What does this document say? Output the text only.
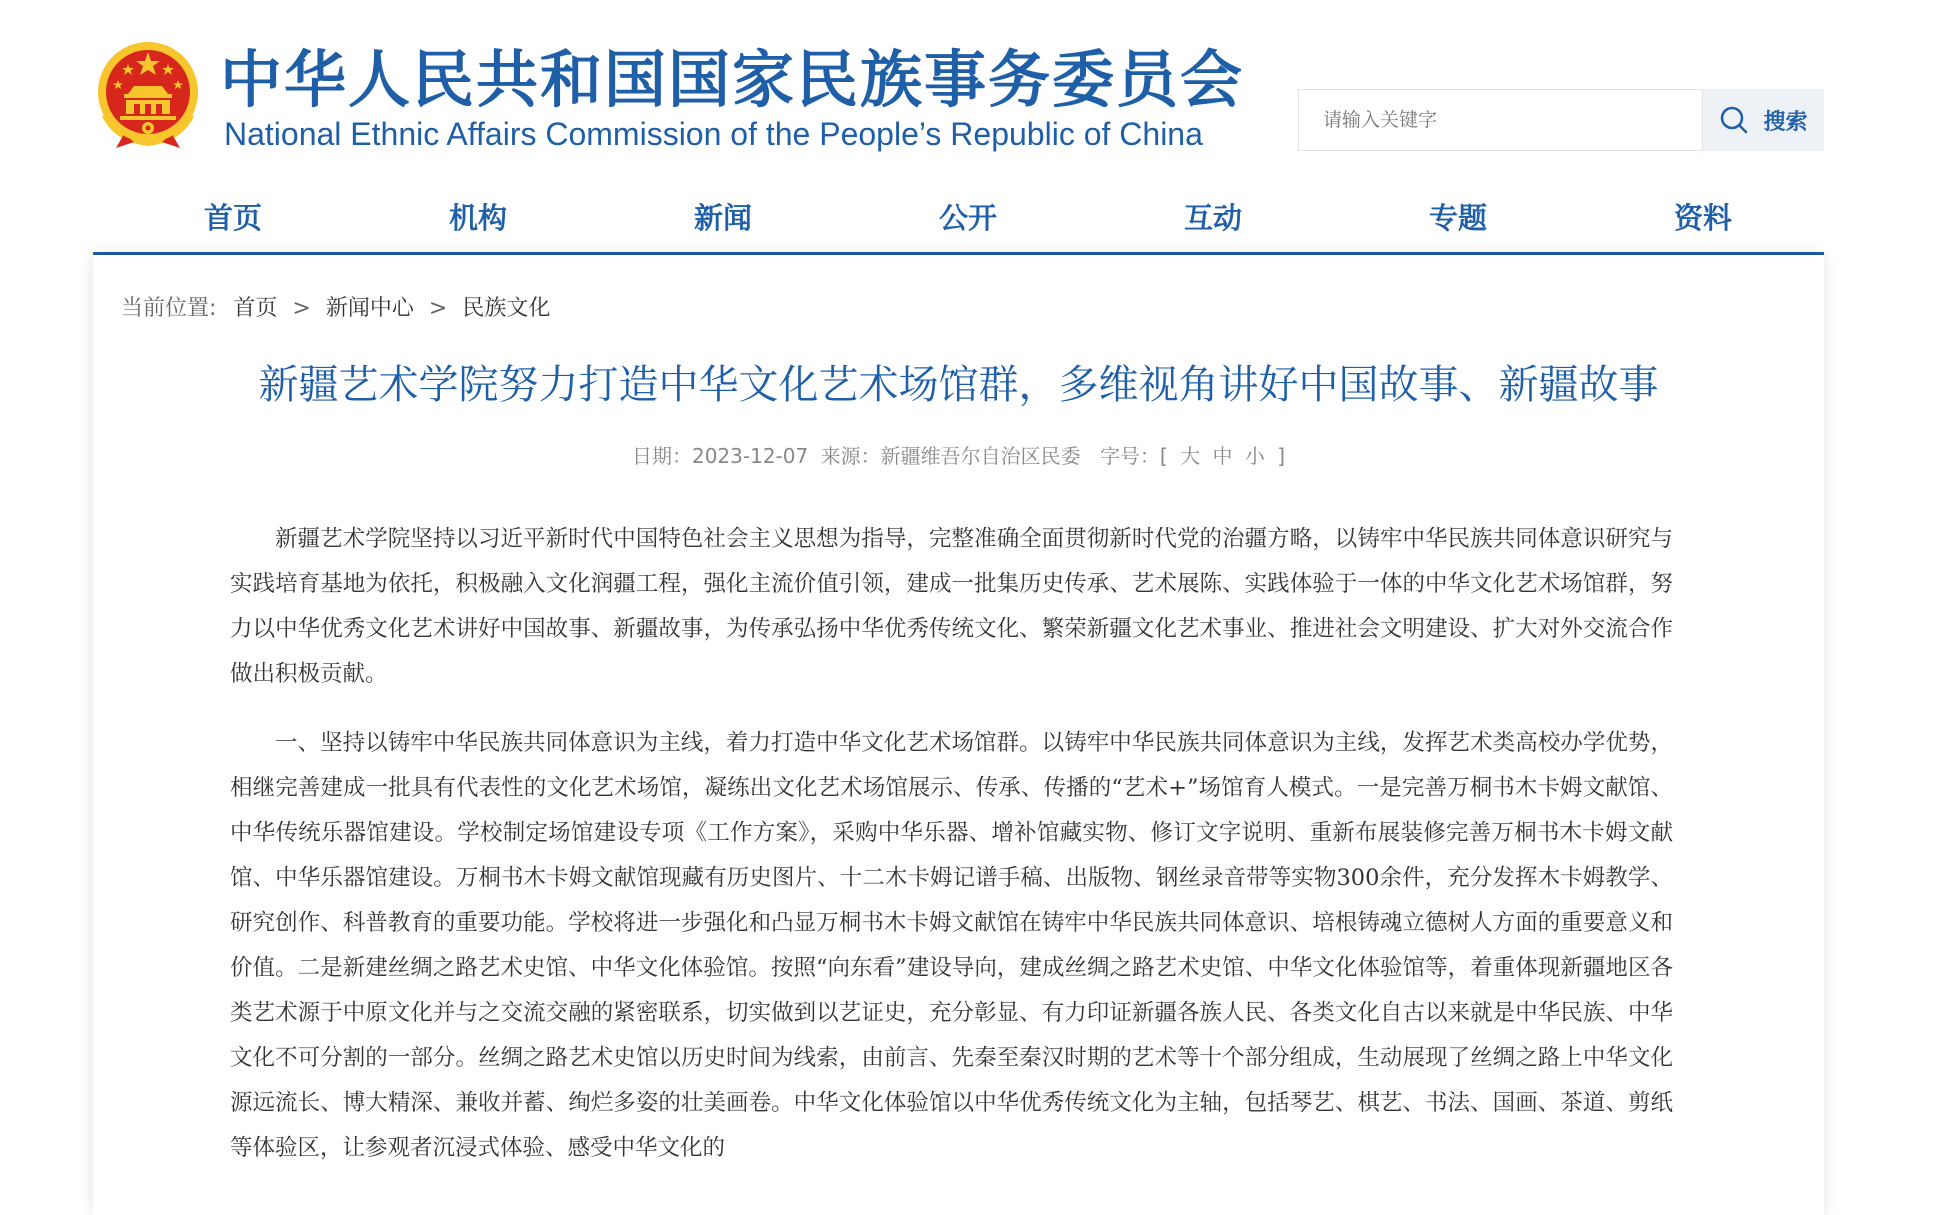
中华人民共和国国家民族事务委员会
National Ethnic Affairs Commission of the People’s Republic of China
请输入关键字	搜索
首页	机构	新闻	公开	互动	专题	资料
当前位置: 首页 > 新闻中心 > 民族文化
新疆艺术学院努力打造中华文化艺术场馆群，多维视角讲好中国故事、新疆故事
日期：2023-12-07 来源：新疆维吾尔自治区民委 字号：[ 大 中 小 ]

新疆艺术学院坚持以习近平新时代中国特色社会主义思想为指导，完整准确全面贯彻新时代党的治疆方略，以铸牢中华民族共同体意识研究与实践培育基地为依托，积极融入文化润疆工程，强化主流价值引领，建成一批集历史传承、艺术展陈、实践体验于一体的中华文化艺术场馆群，努力以中华优秀文化艺术讲好中国故事、新疆故事，为传承弘扬中华优秀传统文化、繁荣新疆文化艺术事业、推进社会文明建设、扩大对外交流合作做出积极贡献。

一、坚持以铸牢中华民族共同体意识为主线，着力打造中华文化艺术场馆群。以铸牢中华民族共同体意识为主线，发挥艺术类高校办学优势，相继完善建成一批具有代表性的文化艺术场馆，凝练出文化艺术场馆展示、传承、传播的“艺术+”场馆育人模式。一是完善万桐书木卡姆文献馆、中华传统乐器馆建设。学校制定场馆建设专项《工作方案》，采购中华乐器、增补馆藏实物、修订文字说明、重新布展装修完善万桐书木卡姆文献馆、中华乐器馆建设。万桐书木卡姆文献馆现藏有历史图片、十二木卡姆记谱手稿、出版物、钢丝录音带等实物300余件，充分发挥木卡姆教学、研究创作、科普教育的重要功能。学校将进一步强化和凸显万桐书木卡姆文献馆在铸牢中华民族共同体意识、培根铸魂立德树人方面的重要意义和价值。二是新建丝绸之路艺术史馆、中华文化体验馆。按照“向东看”建设导向，建成丝绸之路艺术史馆、中华文化体验馆等，着重体现新疆地区各类艺术源于中原文化并与之交流交融的紧密联系，切实做到以艺证史，充分彰显、有力印证新疆各族人民、各类文化自古以来就是中华民族、中华文化不可分割的一部分。丝绸之路艺术史馆以历史时间为线索，由前言、先秦至秦汉时期的艺术等十个部分组成，生动展现了丝绸之路上中华文化源远流长、博大精深、兼收并蓄、绚烂多姿的壮美画卷。中华文化体验馆以中华优秀传统文化为主轴，包括琴艺、棋艺、书法、国画、茶道、剪纸等体验区，让参观者沉浸式体验、感受中华文化的
